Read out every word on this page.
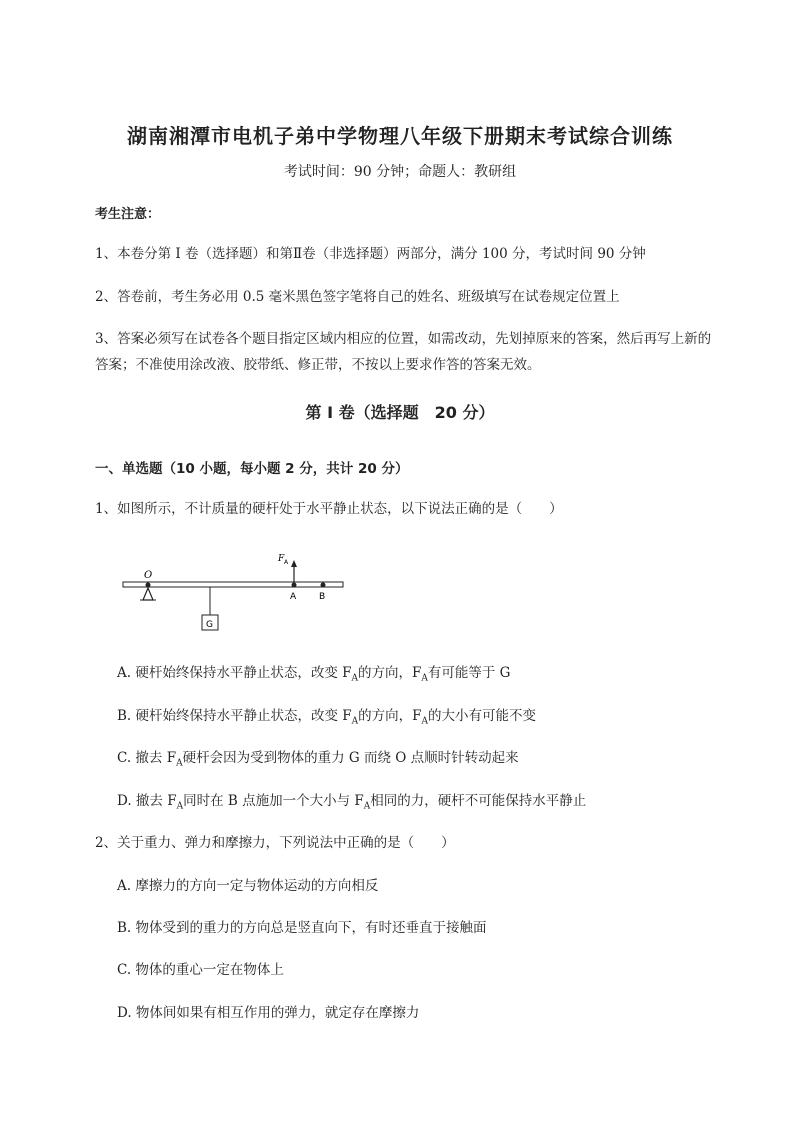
湖南湘潭市电机子弟中学物理八年级下册期末考试综合训练
考试时间：90 分钟；命题人：教研组
考生注意：
1、本卷分第 I 卷（选择题）和第Ⅱ卷（非选择题）两部分，满分 100 分，考试时间 90 分钟
2、答卷前，考生务必用 0.5 毫米黑色签字笔将自己的姓名、班级填写在试卷规定位置上
3、答案必须写在试卷各个题目指定区域内相应的位置，如需改动，先划掉原来的答案，然后再写上新的答案；不准使用涂改液、胶带纸、修正带，不按以上要求作答的答案无效。
第 I 卷（选择题　20 分）
一、单选题（10 小题，每小题 2 分，共计 20 分）
1、如图所示，不计质量的硬杆处于水平静止状态，以下说法正确的是（　　）
O
G
A	B
F A
A. 硬杆始终保持水平静止状态，改变 $F_A$的方向，$F_A$有可能等于 G
B. 硬杆始终保持水平静止状态，改变 $F_A$的方向，$F_A$的大小有可能不变
C. 撤去 $F_A$硬杆会因为受到物体的重力 G 而绕 O 点顺时针转动起来
D. 撤去 $F_A$同时在 B 点施加一个大小与 $F_A$相同的力，硬杆不可能保持水平静止
2、关于重力、弹力和摩擦力，下列说法中正确的是（　　）
A. 摩擦力的方向一定与物体运动的方向相反
B. 物体受到的重力的方向总是竖直向下，有时还垂直于接触面
C. 物体的重心一定在物体上
D. 物体间如果有相互作用的弹力，就定存在摩擦力
